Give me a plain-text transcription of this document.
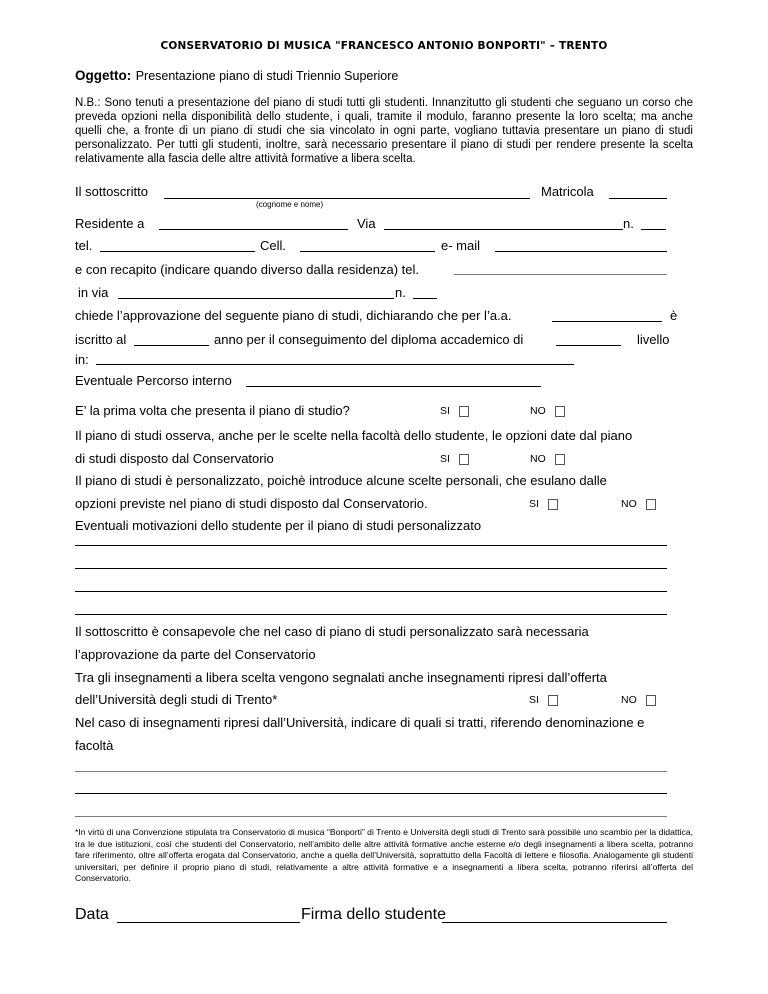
CONSERVATORIO DI MUSICA "FRANCESCO ANTONIO BONPORTI" – TRENTO
Oggetto: Presentazione piano di studi Triennio Superiore
N.B.: Sono tenuti a presentazione del piano di studi tutti gli studenti. Innanzitutto gli studenti che seguano un corso che preveda opzioni nella disponibilità dello studente, i quali, tramite il modulo, faranno presente la loro scelta; ma anche quelli che, a fronte di un piano di studi che sia vincolato in ogni parte, vogliano tuttavia presentare un piano di studi personalizzato. Per tutti gli studenti, inoltre, sarà necessario presentare il piano di studi per rendere presente la scelta relativamente alla fascia delle altre attività formative a libera scelta.
Il sottoscritto
(cognome e nome)
Matricola
Residente a	Via	n.
tel.	Cell.	e- mail
e con recapito (indicare quando diverso dalla residenza) tel.
in via	n.
chiede l’approvazione del seguente piano di studi, dichiarando che per l’a.a.	è
iscritto al	anno per il conseguimento del diploma accademico di	livello
in:
Eventuale Percorso interno
E’ la prima volta che presenta il piano di studio?	SI	NO
Il piano di studi osserva, anche per le scelte nella facoltà dello studente, le opzioni date dal piano
di studi disposto dal Conservatorio	SI	NO
Il piano di studi è personalizzato, poichè introduce alcune scelte personali, che esulano dalle
opzioni previste nel piano di studi disposto dal Conservatorio.	SI	NO
Eventuali motivazioni dello studente per il piano di studi personalizzato
Il sottoscritto è consapevole che nel caso di piano di studi personalizzato sarà necessaria
l’approvazione da parte del Conservatorio
Tra gli insegnamenti a libera scelta vengono segnalati anche insegnamenti ripresi dall’offerta
dell’Università degli studi di Trento*	SI	NO
Nel caso di insegnamenti ripresi dall’Università, indicare di quali si tratti, riferendo denominazione e
facoltà
*In virtù di una Convenzione stipulata tra Conservatorio di musica “Bonporti” di Trento e Università degli studi di Trento sarà possibile uno scambio per la didattica, tra le due istituzioni, così che studenti del Conservatorio, nell’ambito delle altre attività formative anche esterne e/o degli insegnamenti a libera scelta, potranno fare riferimento, oltre all’offerta erogata dal Conservatorio, anche a quella dell’Università, soprattutto della Facoltà di lettere e filosofia. Analogamente gli studenti universitari, per definire il proprio piano di studi, relativamente a altre attività formative e a insegnamenti a libera scelta, potranno riferirsi all’offerta del Conservatorio.
Data	Firma dello studente
